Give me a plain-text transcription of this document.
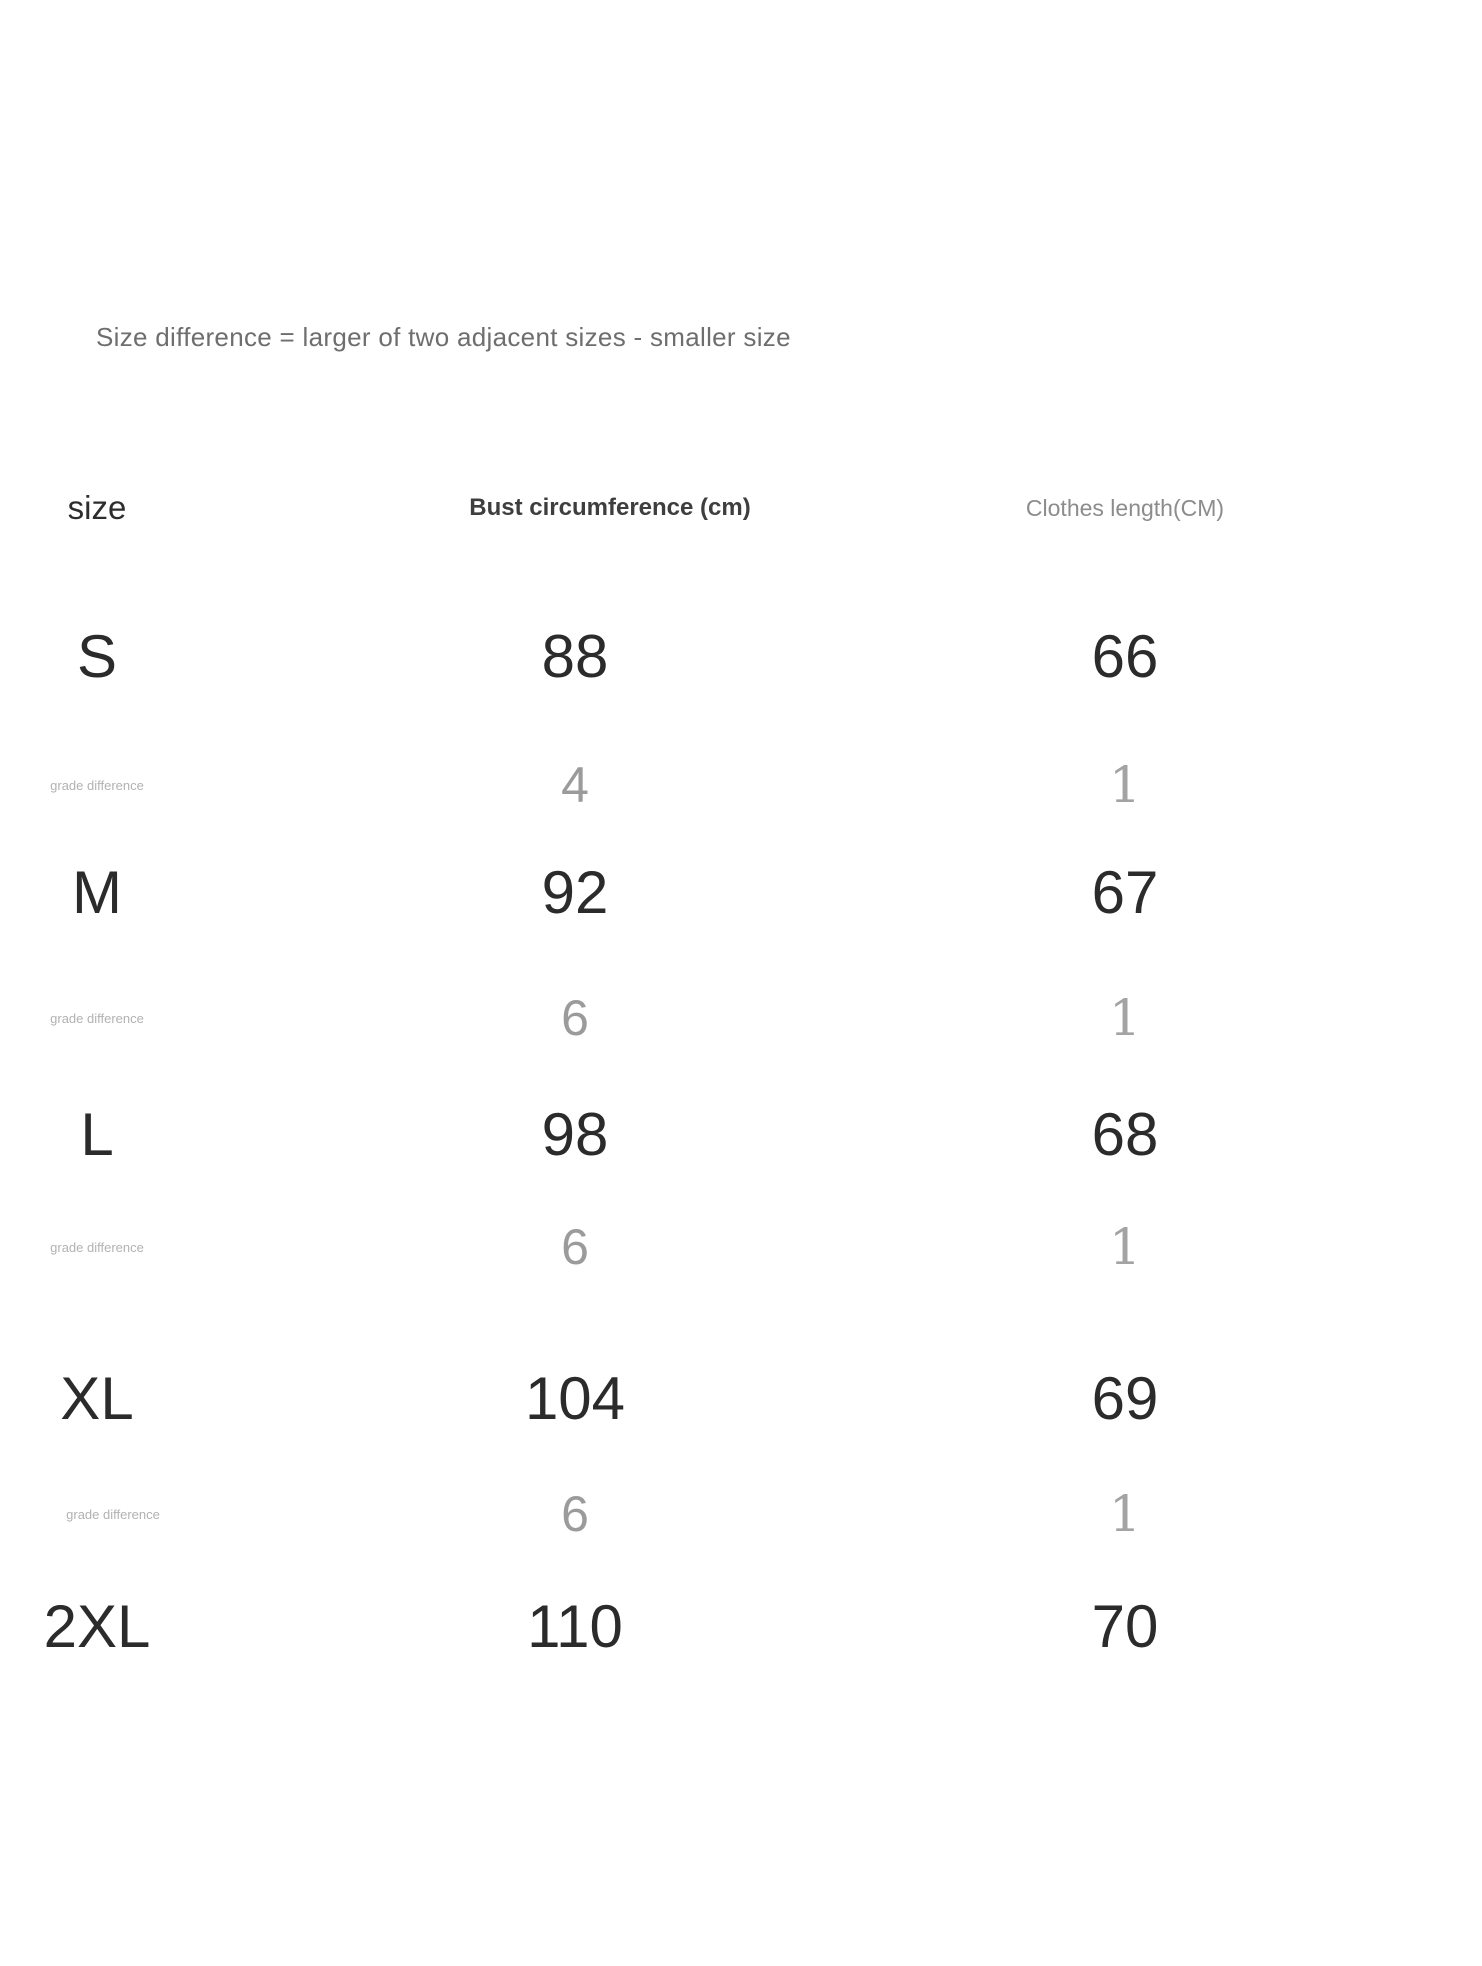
Size difference = larger of two adjacent sizes - smaller size
size	Bust circumference (cm)	Clothes length(CM)
S	88	66
grade difference	4	1
M	92	67
grade difference	6	1
L	98	68
grade difference	6	1
XL	104	69
grade difference	6	1
2XL	110	70
